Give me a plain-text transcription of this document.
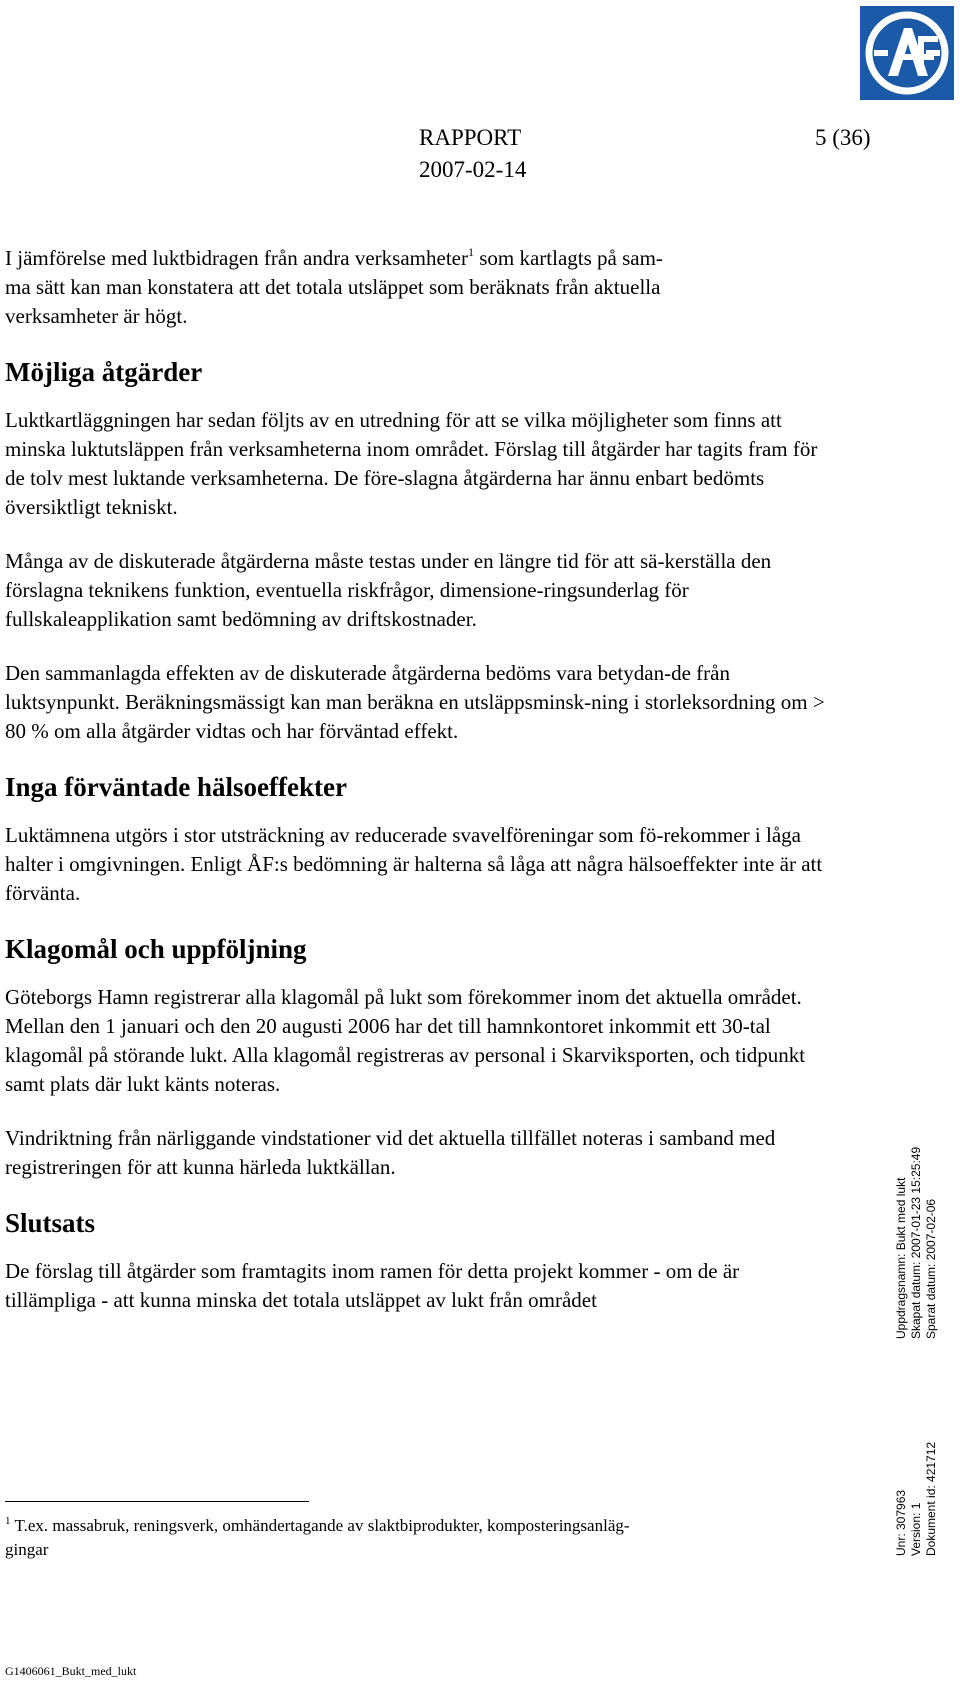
RAPPORT
2007-02-14
5 (36)

I jämförelse med luktbidragen från andra verksamheter$^1$ som kartlagts på sam-
ma sätt kan man konstatera att det totala utsläppet som beräknats från aktuella
verksamheter är högt.

Möjliga åtgärder

Luktkartläggningen har sedan följts av en utredning för att se vilka möjligheter som finns att minska luktutsläppen från verksamheterna inom området. Förslag till åtgärder har tagits fram för de tolv mest luktande verksamheterna. De före-slagna åtgärderna har ännu enbart bedömts översiktligt tekniskt.

Många av de diskuterade åtgärderna måste testas under en längre tid för att sä-kerställa den förslagna teknikens funktion, eventuella riskfrågor, dimensione-ringsunderlag för fullskaleapplikation samt bedömning av driftskostnader.

Den sammanlagda effekten av de diskuterade åtgärderna bedöms vara betydan-de från luktsynpunkt. Beräkningsmässigt kan man beräkna en utsläppsminsk-ning i storleksordning om > 80 % om alla åtgärder vidtas och har förväntad effekt.

Inga förväntade hälsoeffekter

Luktämnena utgörs i stor utsträckning av reducerade svavelföreningar som fö-rekommer i låga halter i omgivningen. Enligt ÅF:s bedömning är halterna så låga att några hälsoeffekter inte är att förvänta.

Klagomål och uppföljning

Göteborgs Hamn registrerar alla klagomål på lukt som förekommer inom det aktuella området. Mellan den 1 januari och den 20 augusti 2006 har det till hamnkontoret inkommit ett 30-tal klagomål på störande lukt. Alla klagomål registreras av personal i Skarviksporten, och tidpunkt samt plats där lukt känts noteras.

Vindriktning från närliggande vindstationer vid det aktuella tillfället noteras i samband med registreringen för att kunna härleda luktkällan.

Slutsats

De förslag till åtgärder som framtagits inom ramen för detta projekt kommer - om de är tillämpliga - att kunna minska det totala utsläppet av lukt från området

$^1$ T.ex. massabruk, reningsverk, omhändertagande av slaktbiprodukter, komposteringsanläg-
gingar
Uppdragsnamn: Bukt med lukt Skapat datum: 2007-01-23 15:25:49 Sparat datum: 2007-02-06
Unr: 307963 Version: 1 Dokument id: 421712
G1406061_Bukt_med_lukt
